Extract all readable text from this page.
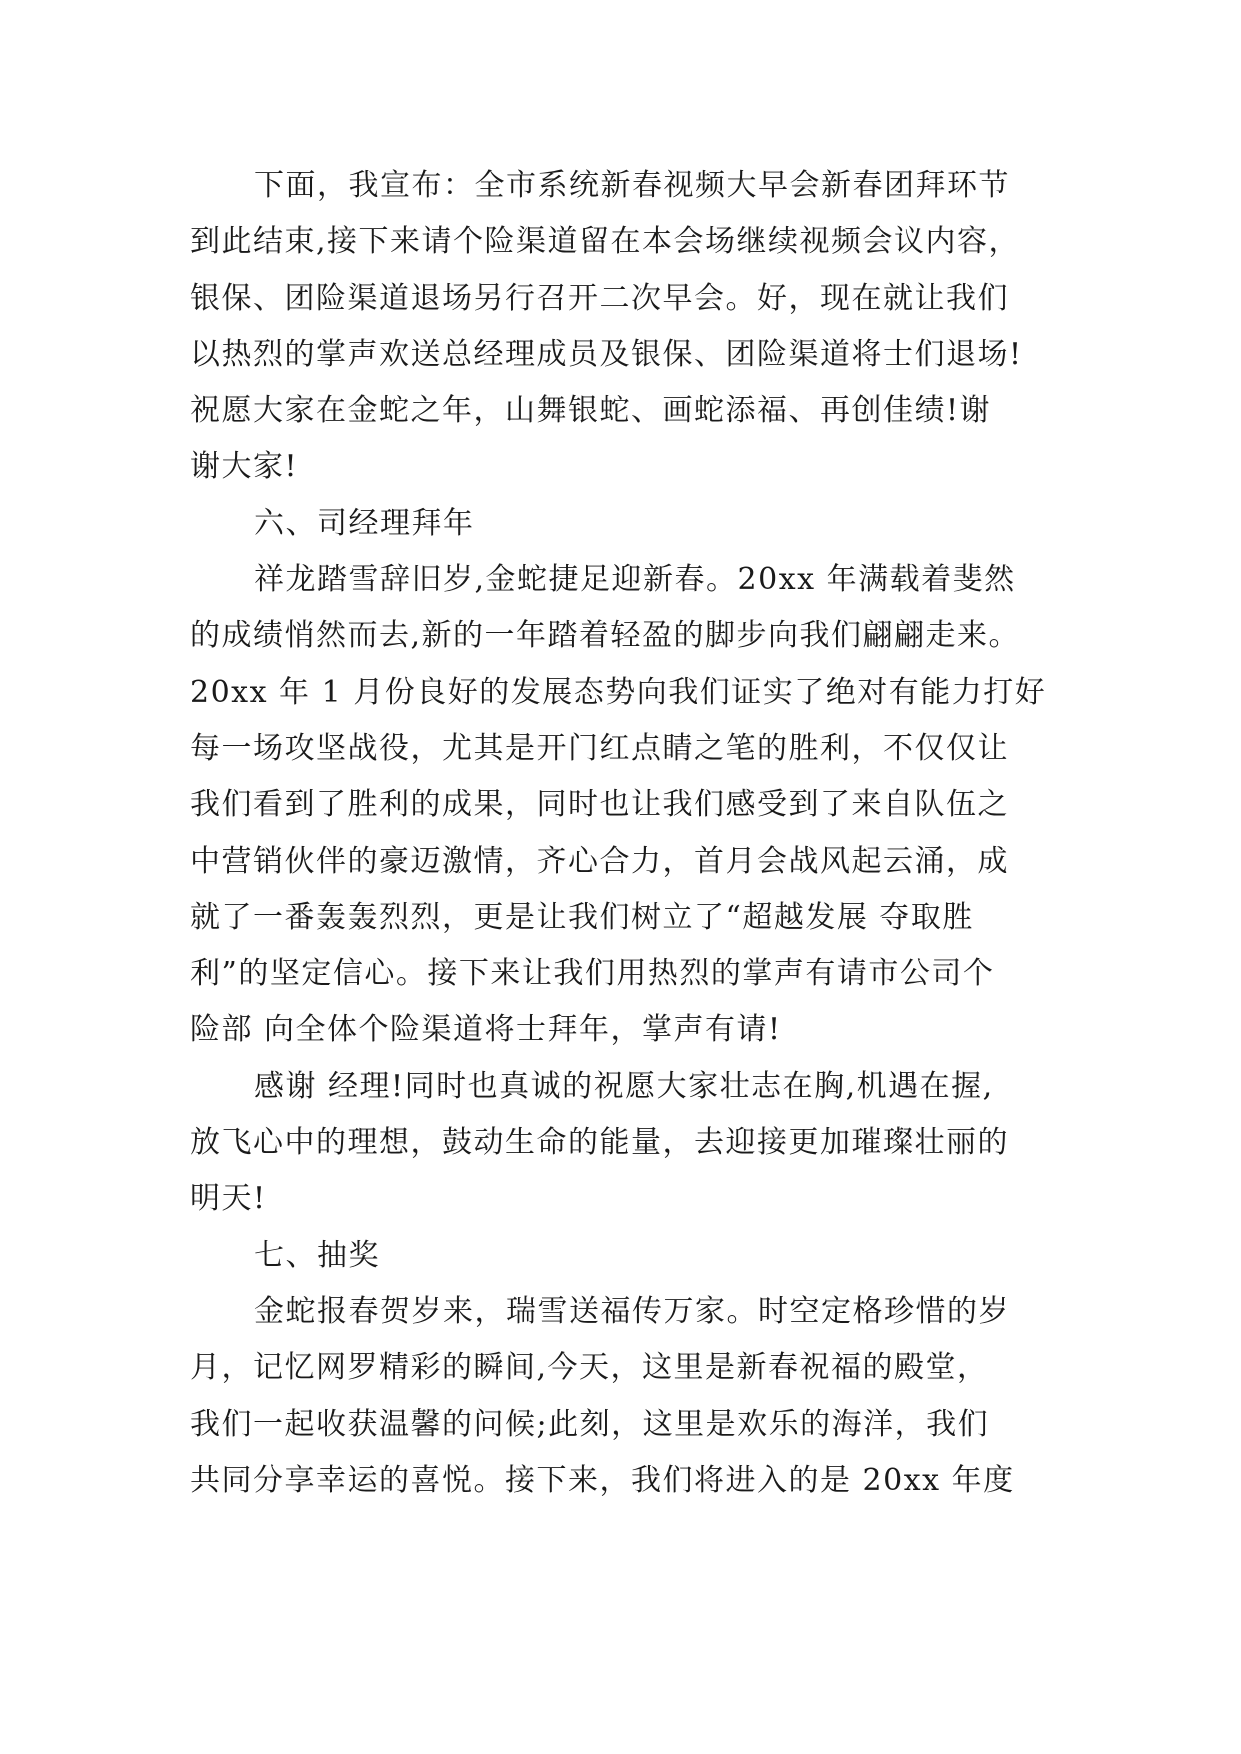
下面，我宣布：全市系统新春视频大早会新春团拜环节
到此结束,接下来请个险渠道留在本会场继续视频会议内容，
银保、团险渠道退场另行召开二次早会。好，现在就让我们
以热烈的掌声欢送总经理成员及银保、团险渠道将士们退场!
祝愿大家在金蛇之年，山舞银蛇、画蛇添福、再创佳绩!谢
谢大家!
六、司经理拜年
祥龙踏雪辞旧岁,金蛇捷足迎新春。20xx 年满载着斐然
的成绩悄然而去,新的一年踏着轻盈的脚步向我们翩翩走来。
20xx 年 1 月份良好的发展态势向我们证实了绝对有能力打好
每一场攻坚战役，尤其是开门红点睛之笔的胜利，不仅仅让
我们看到了胜利的成果，同时也让我们感受到了来自队伍之
中营销伙伴的豪迈激情，齐心合力，首月会战风起云涌，成
就了一番轰轰烈烈，更是让我们树立了“超越发展 夺取胜
利”的坚定信心。接下来让我们用热烈的掌声有请市公司个
险部 向全体个险渠道将士拜年，掌声有请!
感谢 经理!同时也真诚的祝愿大家壮志在胸,机遇在握,
放飞心中的理想，鼓动生命的能量，去迎接更加璀璨壮丽的
明天!
七、抽奖
金蛇报春贺岁来，瑞雪送福传万家。时空定格珍惜的岁
月，记忆网罗精彩的瞬间,今天，这里是新春祝福的殿堂，
我们一起收获温馨的问候;此刻，这里是欢乐的海洋，我们
共同分享幸运的喜悦。接下来，我们将进入的是 20xx 年度
